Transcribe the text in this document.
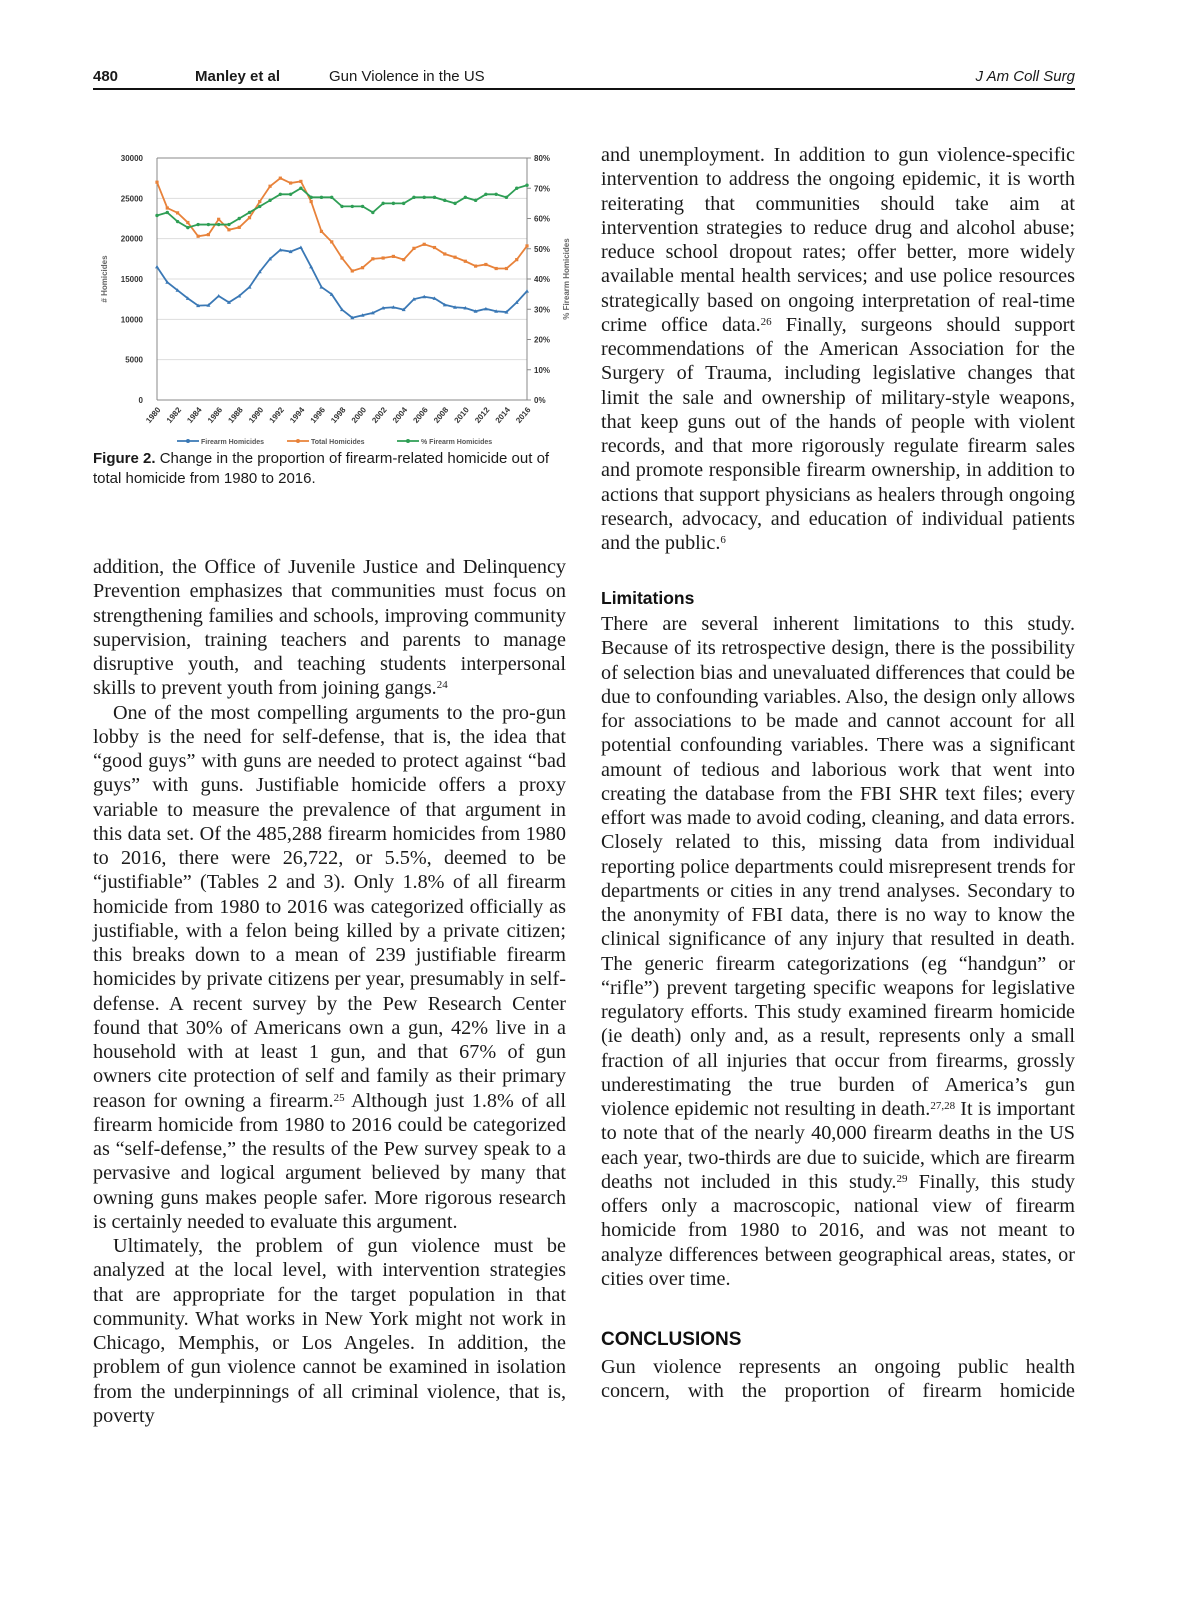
480	Manley et al	Gun Violence in the US	J Am Coll Surg
0
5000
10000
15000
20000
25000
30000
0%
10%
20%
30%
40%
50%
60%
70%
80%
1980 1982 1984 1986 1988 1990 1992 1994 1996 1998 2000 2002 2004 2006 2008 2010 2012 2014 2016
# Homicides	% Firearm Homicides
Firearm Homicides	Total Homicides	% Firearm Homicides
Figure 2. Change in the proportion of firearm-related homicide out of total homicide from 1980 to 2016.

addition, the Office of Juvenile Justice and Delinquency Prevention emphasizes that communities must focus on strengthening families and schools, improving community supervision, training teachers and parents to manage disruptive youth, and teaching students interpersonal skills to prevent youth from joining gangs.$^{24}$

One of the most compelling arguments to the pro-gun lobby is the need for self-defense, that is, the idea that “good guys” with guns are needed to protect against “bad guys” with guns. Justifiable homicide offers a proxy variable to measure the prevalence of that argument in this data set. Of the 485,288 firearm homicides from 1980 to 2016, there were 26,722, or 5.5%, deemed to be “justifiable” (Tables 2 and 3). Only 1.8% of all firearm homicide from 1980 to 2016 was categorized officially as justifiable, with a felon being killed by a private citizen; this breaks down to a mean of 239 justifiable firearm homicides by private citizens per year, presumably in self-defense. A recent survey by the Pew Research Center found that 30% of Americans own a gun, 42% live in a household with at least 1 gun, and that 67% of gun owners cite protection of self and family as their primary reason for owning a firearm.$^{25}$ Although just 1.8% of all firearm homicide from 1980 to 2016 could be categorized as “self-defense,” the results of the Pew survey speak to a pervasive and logical argument believed by many that owning guns makes people safer. More rigorous research is certainly needed to evaluate this argument.

Ultimately, the problem of gun violence must be analyzed at the local level, with intervention strategies that are appropriate for the target population in that community. What works in New York might not work in Chicago, Memphis, or Los Angeles. In addition, the problem of gun violence cannot be examined in isolation from the underpinnings of all criminal violence, that is, poverty

and unemployment. In addition to gun violence-specific intervention to address the ongoing epidemic, it is worth reiterating that communities should take aim at intervention strategies to reduce drug and alcohol abuse; reduce school dropout rates; offer better, more widely available mental health services; and use police resources strategically based on ongoing interpretation of real-time crime office data.$^{26}$ Finally, surgeons should support recommendations of the American Association for the Surgery of Trauma, including legislative changes that limit the sale and ownership of military-style weapons, that keep guns out of the hands of people with violent records, and that more rigorously regulate firearm sales and promote responsible firearm ownership, in addition to actions that support physicians as healers through ongoing research, advocacy, and education of individual patients and the public.$^6$

Limitations

There are several inherent limitations to this study. Because of its retrospective design, there is the possibility of selection bias and unevaluated differences that could be due to confounding variables. Also, the design only allows for associations to be made and cannot account for all potential confounding variables. There was a significant amount of tedious and laborious work that went into creating the database from the FBI SHR text files; every effort was made to avoid coding, cleaning, and data errors. Closely related to this, missing data from individual reporting police departments could misrepresent trends for departments or cities in any trend analyses. Secondary to the anonymity of FBI data, there is no way to know the clinical significance of any injury that resulted in death. The generic firearm categorizations (eg “handgun” or “rifle”) prevent targeting specific weapons for legislative regulatory efforts. This study examined firearm homicide (ie death) only and, as a result, represents only a small fraction of all injuries that occur from firearms, grossly underestimating the true burden of America’s gun violence epidemic not resulting in death.$^{27,28}$ It is important to note that of the nearly 40,000 firearm deaths in the US each year, two-thirds are due to suicide, which are firearm deaths not included in this study.$^{29}$ Finally, this study offers only a macroscopic, national view of firearm homicide from 1980 to 2016, and was not meant to analyze differences between geographical areas, states, or cities over time.

CONCLUSIONS

Gun violence represents an ongoing public health concern, with the proportion of firearm homicide
